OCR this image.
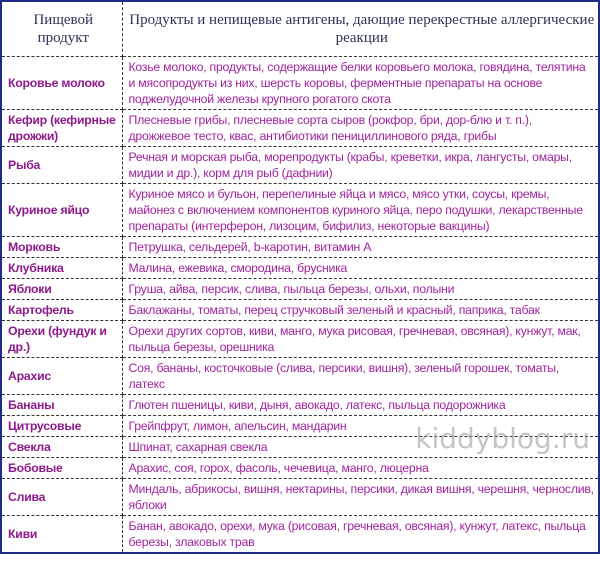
Пищевой продукт	Продукты и непищевые антигены, дающие перекрестные аллергические реакции
Коровье молоко	Козье молоко, продукты, содержащие белки коровьего молока, говядина, телятина и мясопродукты из них, шерсть коровы, ферментные препараты на основе поджелудочной железы крупного рогатого скота
Кефир (кефирные дрожжи)	Плесневые грибы, плесневые сорта сыров (рокфор, бри, дор-блю и т. п.), дрожжевое тесто, квас, антибиотики пенициллинового ряда, грибы
Рыба	Речная и морская рыба, морепродукты (крабы, креветки, икра, лангусты, омары, мидии и др.), корм для рыб (дафнии)
Куриное яйцо	Куриное мясо и бульон, перепелиные яйца и мясо, мясо утки, соусы, кремы, майонез с включением компонентов куриного яйца, перо подушки, лекарственные препараты (интерферон, лизоцим, бифилиз, некоторые вакцины)
Морковь	Петрушка, сельдерей, b-каротин, витамин А
Клубника	Малина, ежевика, смородина, брусника
Яблоки	Груша, айва, персик, слива, пыльца березы, ольхи, полыни
Картофель	Баклажаны, томаты, перец стручковый зеленый и красный, паприка, табак
Орехи (фундук и др.)	Орехи других сортов, киви, манго, мука рисовая, гречневая, овсяная), кунжут, мак, пыльца березы, орешника
Арахис	Соя, бананы, косточковые (слива, персики, вишня), зеленый горошек, томаты, латекс
Бананы	Глютен пшеницы, киви, дыня, авокадо, латекс, пыльца подорожника
Цитрусовые	Грейпфрут, лимон, апельсин, мандарин
Свекла	Шпинат, сахарная свекла
Бобовые	Арахис, соя, горох, фасоль, чечевица, манго, люцерна
Слива	Миндаль, абрикосы, вишня, нектарины, персики, дикая вишня, черешня, чернослив, яблоки
Киви	Банан, авокадо, орехи, мука (рисовая, гречневая, овсяная), кунжут, латекс, пыльца березы, злаковых трав
kiddyblog.ru
